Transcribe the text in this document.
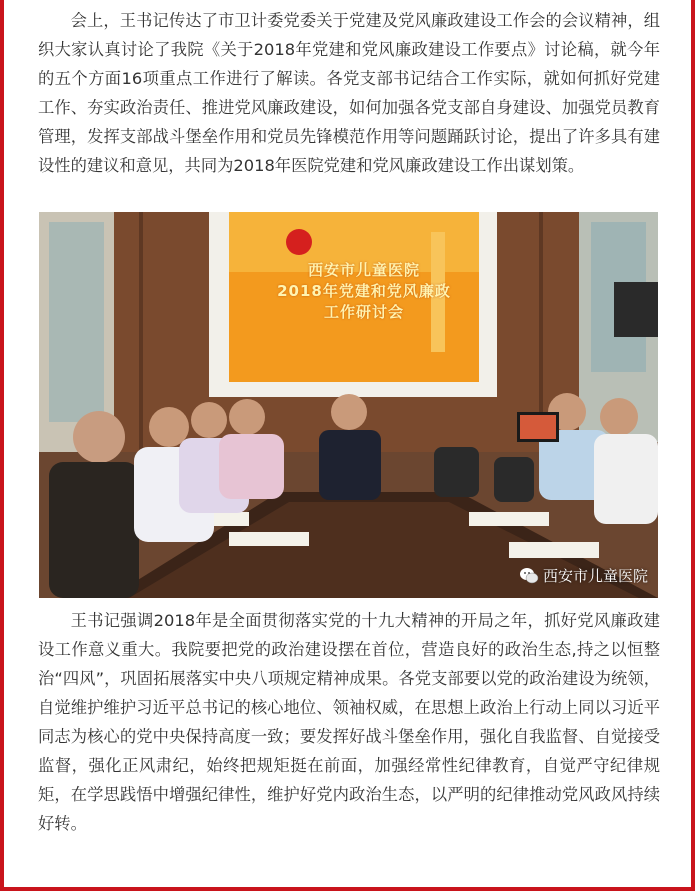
会上，王书记传达了市卫计委党委关于党建及党风廉政建设工作会的会议精神，组织大家认真讨论了我院《关于2018年党建和党风廉政建设工作要点》讨论稿，就今年的五个方面16项重点工作进行了解读。各党支部书记结合工作实际，就如何抓好党建工作、夯实政治责任、推进党风廉政建设，如何加强各党支部自身建设、加强党员教育管理，发挥支部战斗堡垒作用和党员先锋模范作用等问题踊跃讨论，提出了许多具有建设性的建议和意见，共同为2018年医院党建和党风廉政建设工作出谋划策。

西安市儿童医院
2018年党建和党风廉政
工作研讨会
西安市儿童医院

王书记强调2018年是全面贯彻落实党的十九大精神的开局之年，抓好党风廉政建设工作意义重大。我院要把党的政治建设摆在首位，营造良好的政治生态,持之以恒整治“四风”，巩固拓展落实中央八项规定精神成果。各党支部要以党的政治建设为统领，自觉维护维护习近平总书记的核心地位、领袖权威，在思想上政治上行动上同以习近平同志为核心的党中央保持高度一致；要发挥好战斗堡垒作用，强化自我监督、自觉接受监督，强化正风肃纪，始终把规矩挺在前面，加强经常性纪律教育，自觉严守纪律规矩，在学思践悟中增强纪律性，维护好党内政治生态，以严明的纪律推动党风政风持续好转。
